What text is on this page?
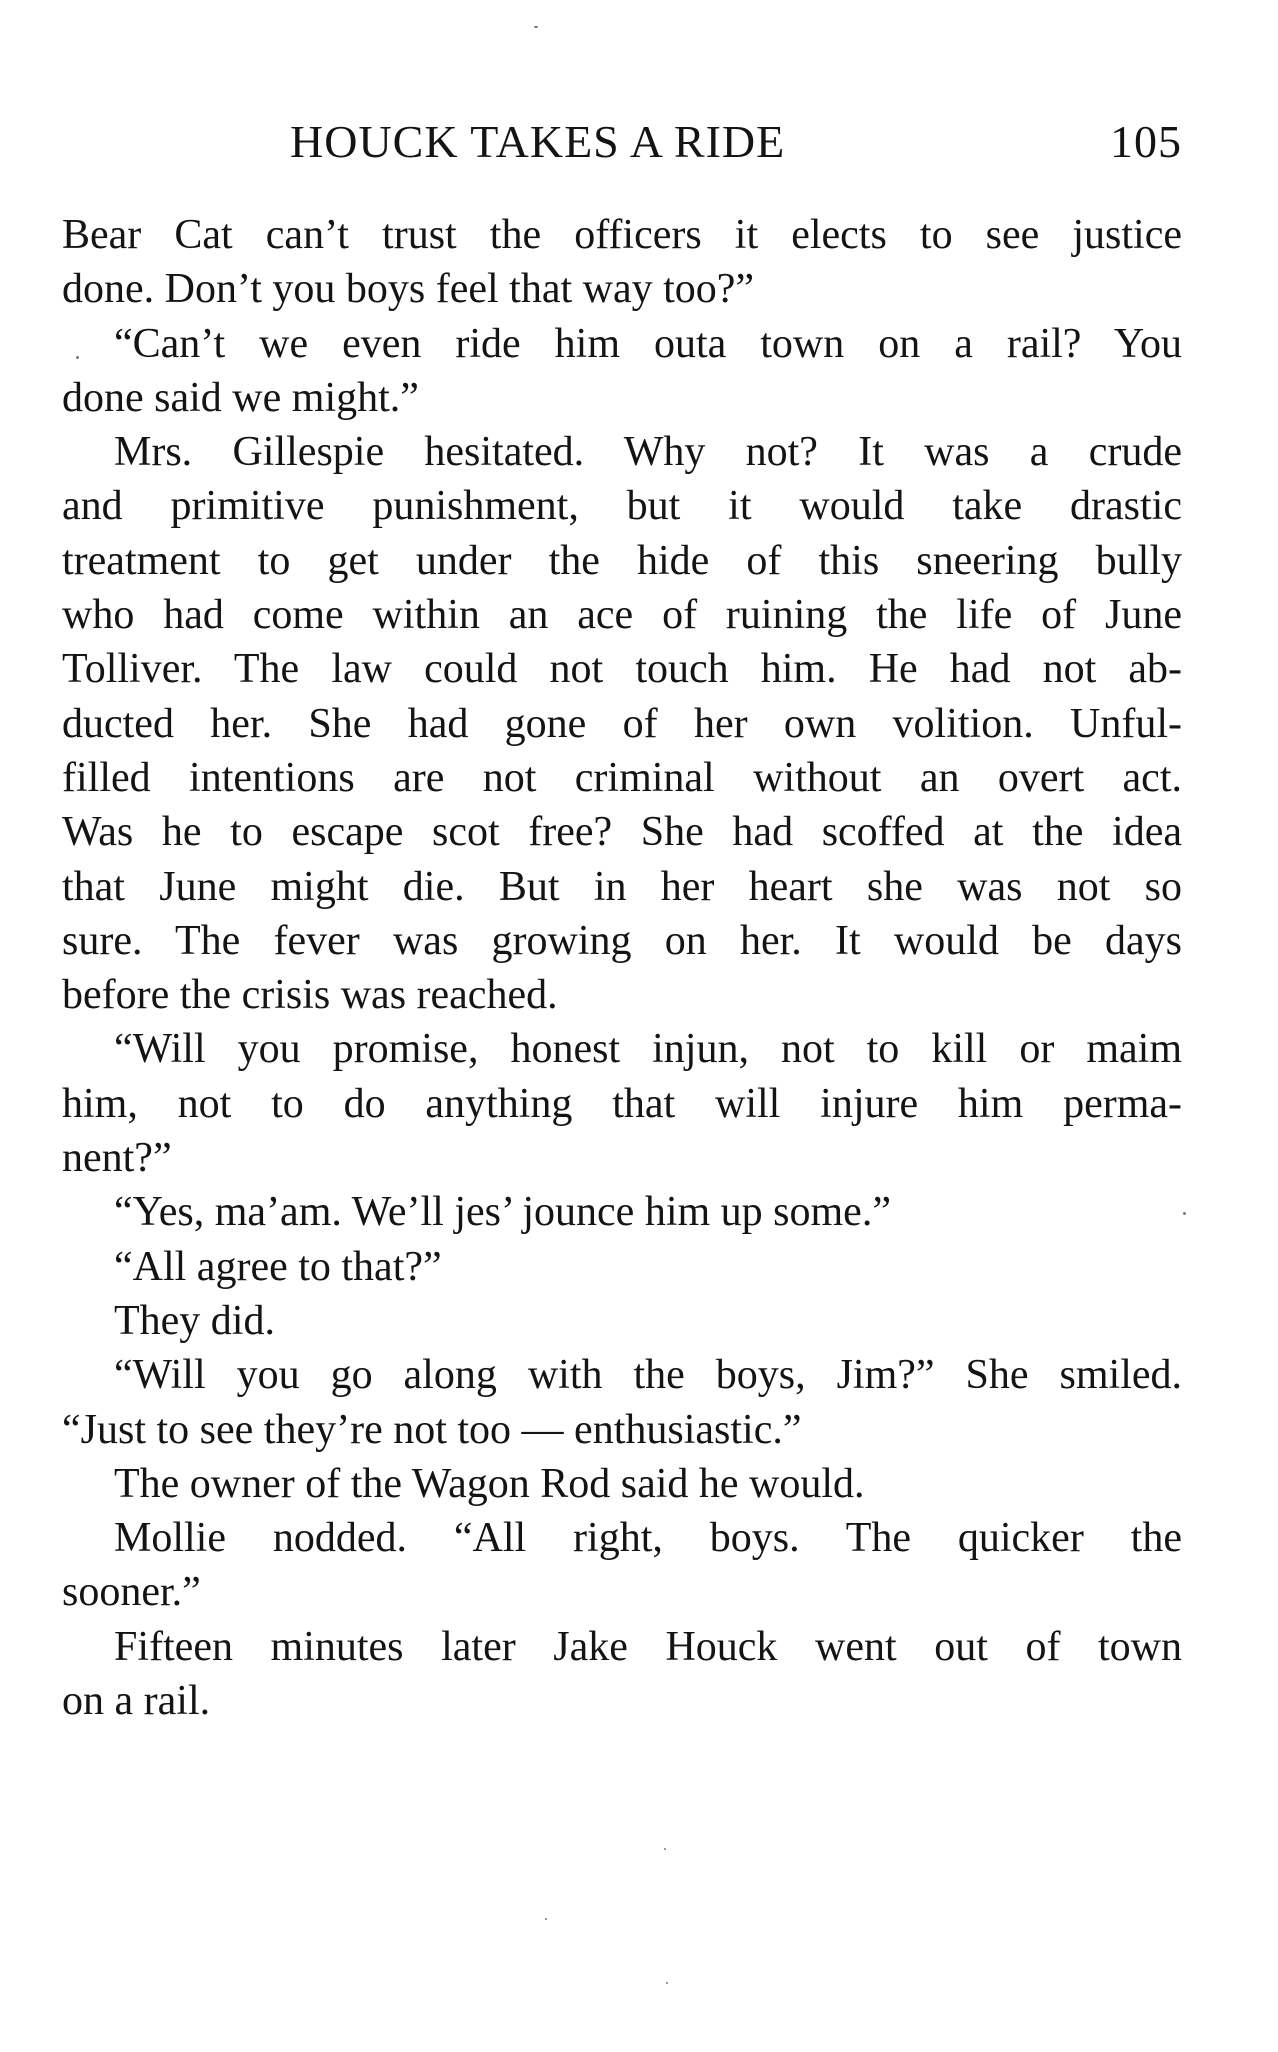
HOUCK TAKES A RIDE	105
Bear Cat can’t trust the officers it elects to see justice
done. Don’t you boys feel that way too?”
“Can’t we even ride him outa town on a rail? You
done said we might.”
Mrs. Gillespie hesitated. Why not? It was a crude
and primitive punishment, but it would take drastic
treatment to get under the hide of this sneering bully
who had come within an ace of ruining the life of June
Tolliver. The law could not touch him. He had not ab-
ducted her. She had gone of her own volition. Unful-
filled intentions are not criminal without an overt act.
Was he to escape scot free? She had scoffed at the idea
that June might die. But in her heart she was not so
sure. The fever was growing on her. It would be days
before the crisis was reached.
“Will you promise, honest injun, not to kill or maim
him, not to do anything that will injure him perma-
nent?”
“Yes, ma’am. We’ll jes’ jounce him up some.”
“All agree to that?”
They did.
“Will you go along with the boys, Jim?” She smiled.
“Just to see they’re not too — enthusiastic.”
The owner of the Wagon Rod said he would.
Mollie nodded. “All right, boys. The quicker the
sooner.”
Fifteen minutes later Jake Houck went out of town
on a rail.
